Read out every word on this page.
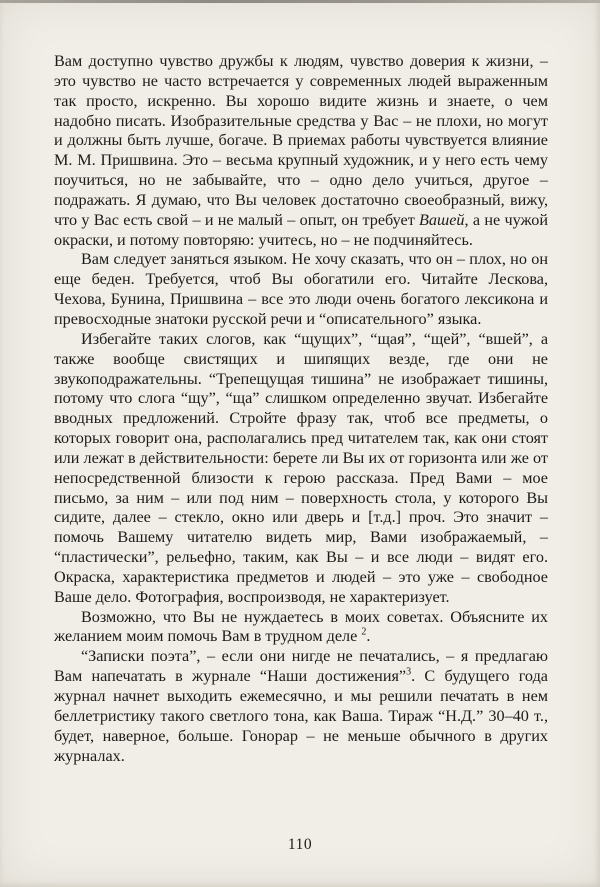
Вам доступно чувство дружбы к людям, чувство доверия к жизни, – это чувство не часто встречается у современных людей выраженным так просто, искренно. Вы хорошо видите жизнь и знаете, о чем надобно писать. Изобразительные средства у Вас – не плохи, но могут и должны быть лучше, богаче. В приемах работы чувствуется влияние М. М. Пришвина. Это – весьма крупный художник, и у него есть чему поучиться, но не забывайте, что – одно дело учиться, другое – подражать. Я думаю, что Вы человек достаточно своеобразный, вижу, что у Вас есть свой – и не малый – опыт, он требует Вашей, а не чужой окраски, и потому повторяю: учитесь, но – не подчиняйтесь.

Вам следует заняться языком. Не хочу сказать, что он – плох, но он еще беден. Требуется, чтоб Вы обогатили его. Читайте Лескова, Чехова, Бунина, Пришвина – все это люди очень богатого лексикона и превосходные знатоки русской речи и “описательного” языка.

Избегайте таких слогов, как “щущих”, “щая”, “щей”, “вшей”, а также вообще свистящих и шипящих везде, где они не звукоподражательны. “Трепещущая тишина” не изображает тишины, потому что слога “щу”, “ща” слишком определенно звучат. Избегайте вводных предложений. Стройте фразу так, чтоб все предметы, о которых говорит она, располагались пред читателем так, как они стоят или лежат в действительности: берете ли Вы их от горизонта или же от непосредственной близости к герою рассказа. Пред Вами – мое письмо, за ним – или под ним – поверхность стола, у которого Вы сидите, далее – стекло, окно или дверь и [т.д.] проч. Это значит – помочь Вашему читателю видеть мир, Вами изображаемый, – “пластически”, рельефно, таким, как Вы – и все люди – видят его. Окраска, характеристика предметов и людей – это уже – свободное Ваше дело. Фотография, воспроизводя, не характеризует.

Возможно, что Вы не нуждаетесь в моих советах. Объясните их желанием моим помочь Вам в трудном деле $^2$.

“Записки поэта”, – если они нигде не печатались, – я предлагаю Вам напечатать в журнале “Наши достижения”$^3$. С будущего года журнал начнет выходить ежемесячно, и мы решили печатать в нем беллетристику такого светлого тона, как Ваша. Тираж “Н.Д.” 30–40 т., будет, наверное, больше. Гонорар – не меньше обычного в других журналах.

110
